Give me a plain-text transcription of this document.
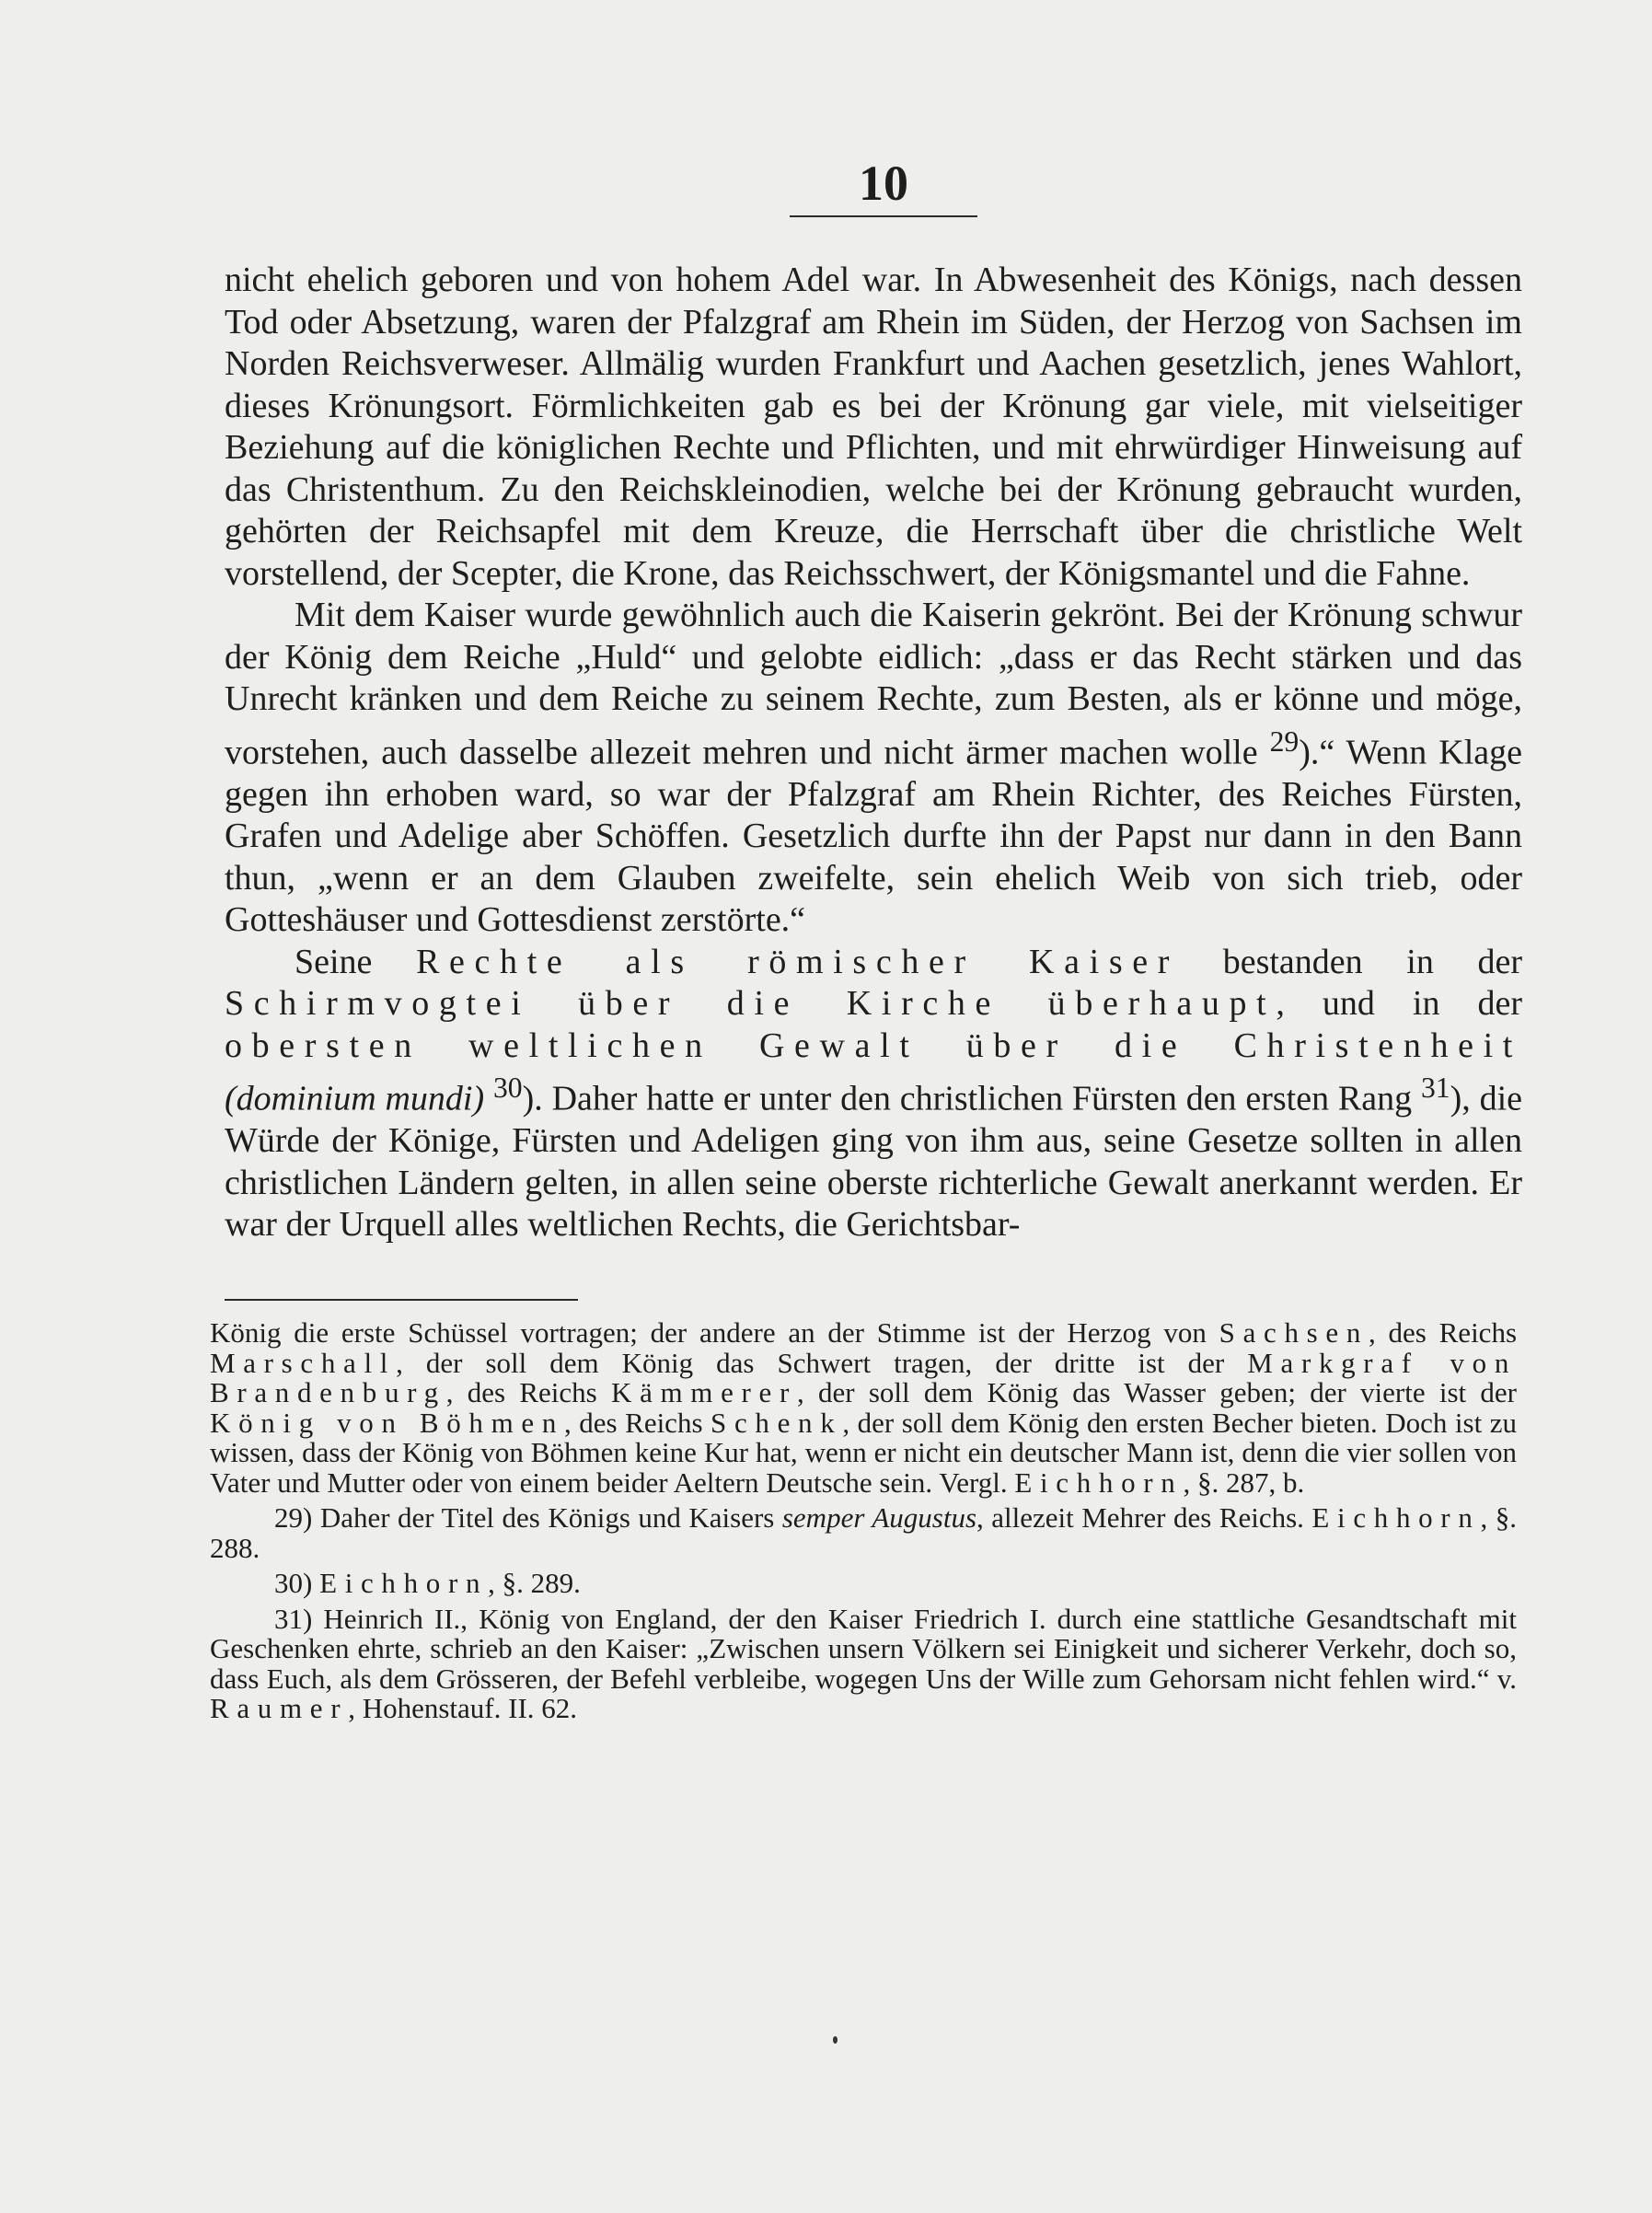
10

nicht ehelich geboren und von hohem Adel war. In Abwesenheit des Königs, nach dessen Tod oder Absetzung, waren der Pfalzgraf am Rhein im Süden, der Herzog von Sachsen im Norden Reichsverweser. Allmälig wurden Frankfurt und Aachen gesetzlich, jenes Wahlort, dieses Krönungsort. Förmlichkeiten gab es bei der Krönung gar viele, mit vielseitiger Beziehung auf die königlichen Rechte und Pflichten, und mit ehrwürdiger Hinweisung auf das Christenthum. Zu den Reichskleinodien, welche bei der Krönung gebraucht wurden, gehörten der Reichsapfel mit dem Kreuze, die Herrschaft über die christliche Welt vorstellend, der Scepter, die Krone, das Reichsschwert, der Königsmantel und die Fahne.

Mit dem Kaiser wurde gewöhnlich auch die Kaiserin gekrönt. Bei der Krönung schwur der König dem Reiche „Huld“ und gelobte eidlich: „dass er das Recht stärken und das Unrecht kränken und dem Reiche zu seinem Rechte, zum Besten, als er könne und möge, vorstehen, auch dasselbe allezeit mehren und nicht ärmer machen wolle $^{29}$).“ Wenn Klage gegen ihn erhoben ward, so war der Pfalzgraf am Rhein Richter, des Reiches Fürsten, Grafen und Adelige aber Schöffen. Gesetzlich durfte ihn der Papst nur dann in den Bann thun, „wenn er an dem Glauben zweifelte, sein ehelich Weib von sich trieb, oder Gotteshäuser und Gottesdienst zerstörte.“

Seine Rechte als römischer Kaiser bestanden in der Schirmvogtei über die Kirche überhaupt, und in der obersten weltlichen Gewalt über die Christenheit (dominium mundi) $^{30}$). Daher hatte er unter den christlichen Fürsten den ersten Rang $^{31}$), die Würde der Könige, Fürsten und Adeligen ging von ihm aus, seine Gesetze sollten in allen christlichen Ländern gelten, in allen seine oberste richterliche Gewalt anerkannt werden. Er war der Urquell alles weltlichen Rechts, die Gerichtsbar-

König die erste Schüssel vortragen; der andere an der Stimme ist der Herzog von Sachsen, des Reichs Marschall, der soll dem König das Schwert tragen, der dritte ist der Markgraf von Brandenburg, des Reichs Kämmerer, der soll dem König das Wasser geben; der vierte ist der König von Böhmen, des Reichs Schenk, der soll dem König den ersten Becher bieten. Doch ist zu wissen, dass der König von Böhmen keine Kur hat, wenn er nicht ein deutscher Mann ist, denn die vier sollen von Vater und Mutter oder von einem beider Aeltern Deutsche sein. Vergl. Eichhorn, §. 287, b.

29) Daher der Titel des Königs und Kaisers semper Augustus, allezeit Mehrer des Reichs. Eichhorn, §. 288.

30) Eichhorn, §. 289.

31) Heinrich II., König von England, der den Kaiser Friedrich I. durch eine stattliche Gesandtschaft mit Geschenken ehrte, schrieb an den Kaiser: „Zwischen unsern Völkern sei Einigkeit und sicherer Verkehr, doch so, dass Euch, als dem Grösseren, der Befehl verbleibe, wogegen Uns der Wille zum Gehorsam nicht fehlen wird.“ v. Raumer, Hohenstauf. II. 62.
